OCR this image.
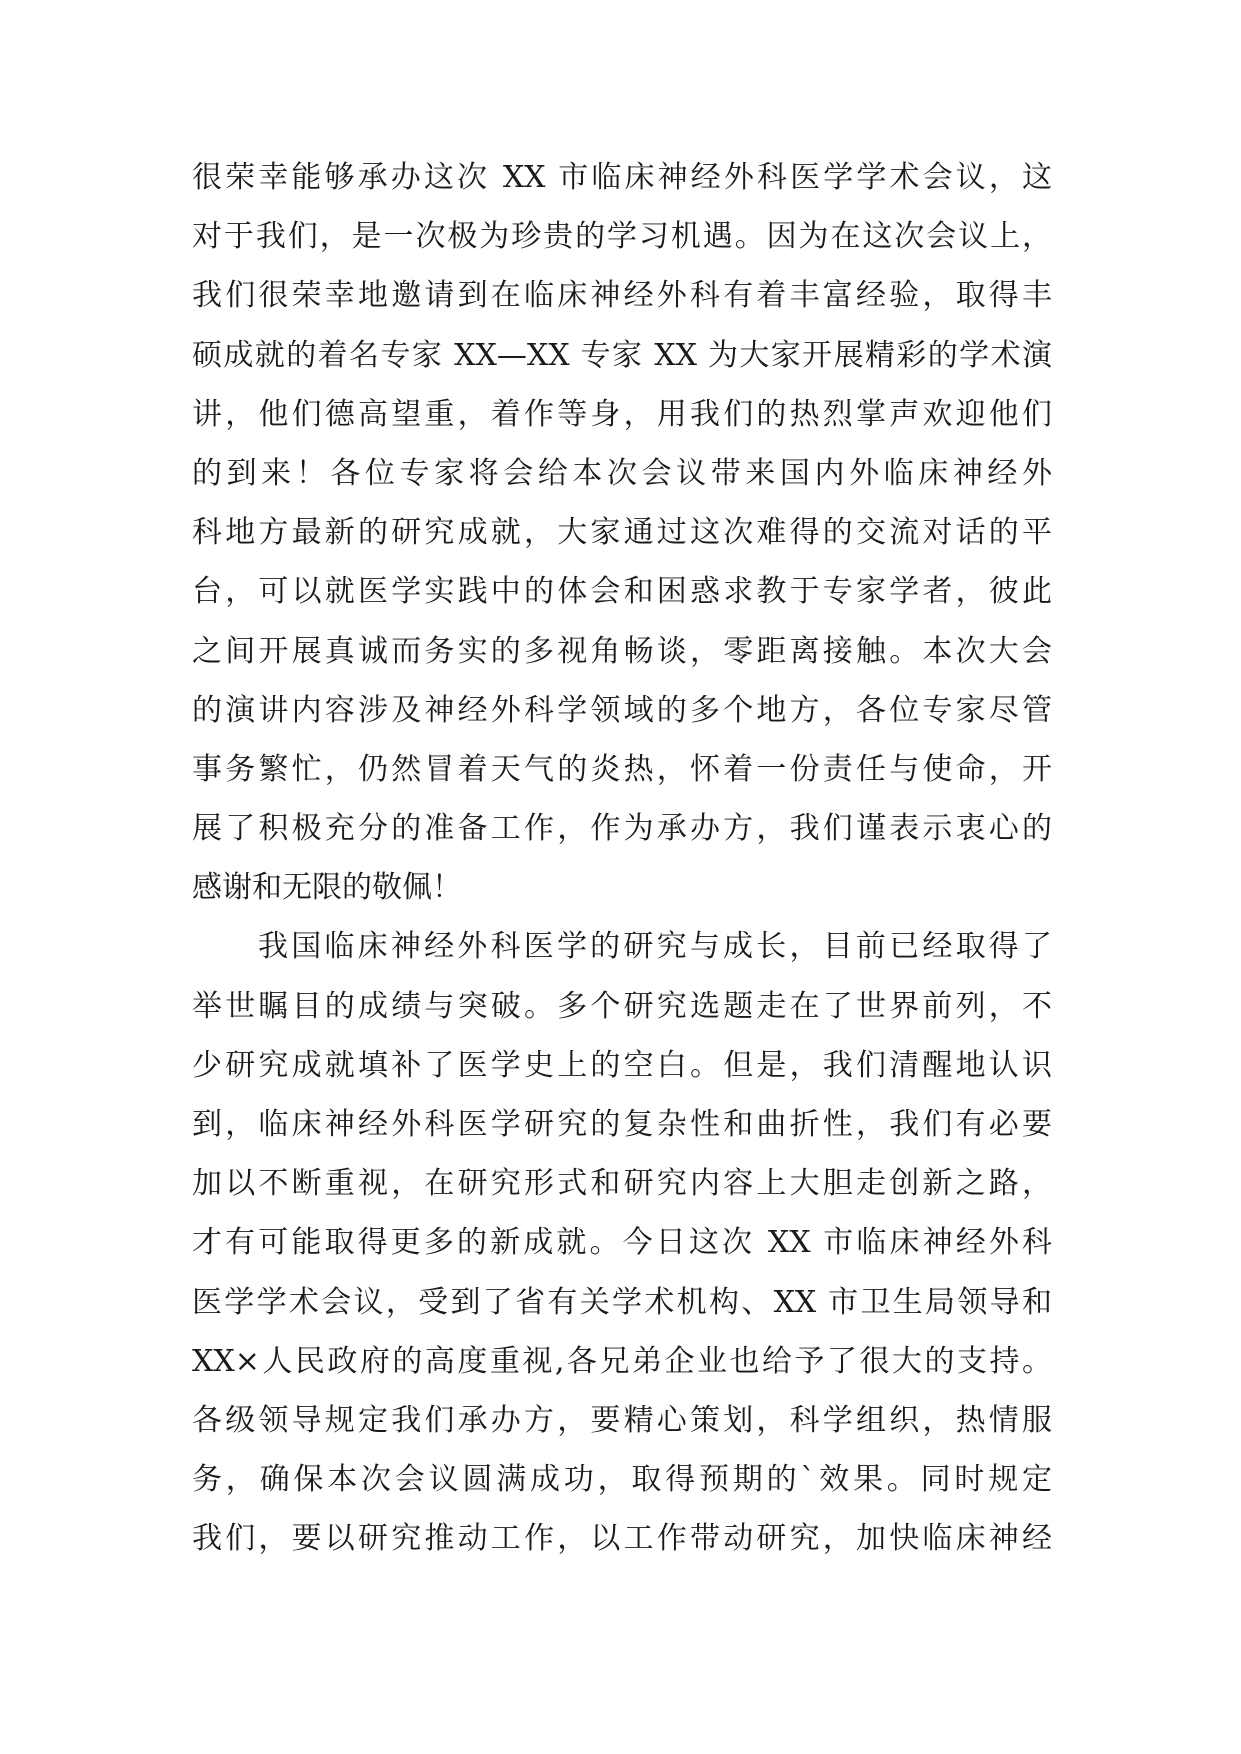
很荣幸能够承办这次 XX 市临床神经外科医学学术会议，这
对于我们，是一次极为珍贵的学习机遇。因为在这次会议上，
我们很荣幸地邀请到在临床神经外科有着丰富经验，取得丰
硕成就的着名专家 XX—XX 专家 XX 为大家开展精彩的学术演
讲，他们德高望重，着作等身，用我们的热烈掌声欢迎他们
的到来！各位专家将会给本次会议带来国内外临床神经外
科地方最新的研究成就，大家通过这次难得的交流对话的平
台，可以就医学实践中的体会和困惑求教于专家学者，彼此
之间开展真诚而务实的多视角畅谈，零距离接触。本次大会
的演讲内容涉及神经外科学领域的多个地方，各位专家尽管
事务繁忙，仍然冒着天气的炎热，怀着一份责任与使命，开
展了积极充分的准备工作，作为承办方，我们谨表示衷心的
感谢和无限的敬佩！
我国临床神经外科医学的研究与成长，目前已经取得了
举世瞩目的成绩与突破。多个研究选题走在了世界前列，不
少研究成就填补了医学史上的空白。但是，我们清醒地认识
到，临床神经外科医学研究的复杂性和曲折性，我们有必要
加以不断重视，在研究形式和研究内容上大胆走创新之路，
才有可能取得更多的新成就。今日这次 XX 市临床神经外科
医学学术会议，受到了省有关学术机构、XX 市卫生局领导和
XX×人民政府的高度重视,各兄弟企业也给予了很大的支持。
各级领导规定我们承办方，要精心策划，科学组织，热情服
务，确保本次会议圆满成功，取得预期的`效果。同时规定
我们，要以研究推动工作，以工作带动研究，加快临床神经
